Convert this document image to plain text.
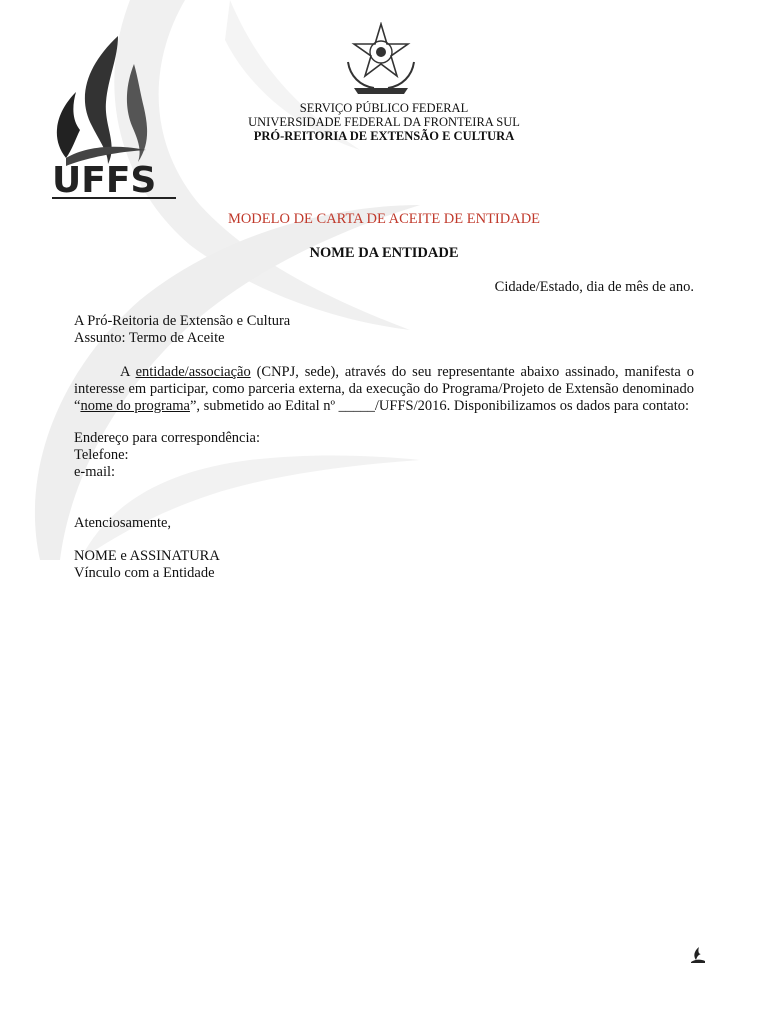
UFFS
SERVIÇO PÚBLICO FEDERAL
UNIVERSIDADE FEDERAL DA FRONTEIRA SUL
PRÓ-REITORIA DE EXTENSÃO E CULTURA
MODELO DE CARTA DE ACEITE DE ENTIDADE
NOME DA ENTIDADE
Cidade/Estado, dia de mês de ano.
A Pró-Reitoria de Extensão e Cultura
Assunto: Termo de Aceite
A entidade/associação (CNPJ, sede), através do seu representante abaixo assinado, manifesta o interesse em participar, como parceria externa, da execução do Programa/Projeto de Extensão denominado “nome do programa”, submetido ao Edital nº _____/UFFS/2016. Disponibilizamos os dados para contato:
Endereço para correspondência:
Telefone:
e-mail:
Atenciosamente,
NOME e ASSINATURA
Vínculo com a Entidade
